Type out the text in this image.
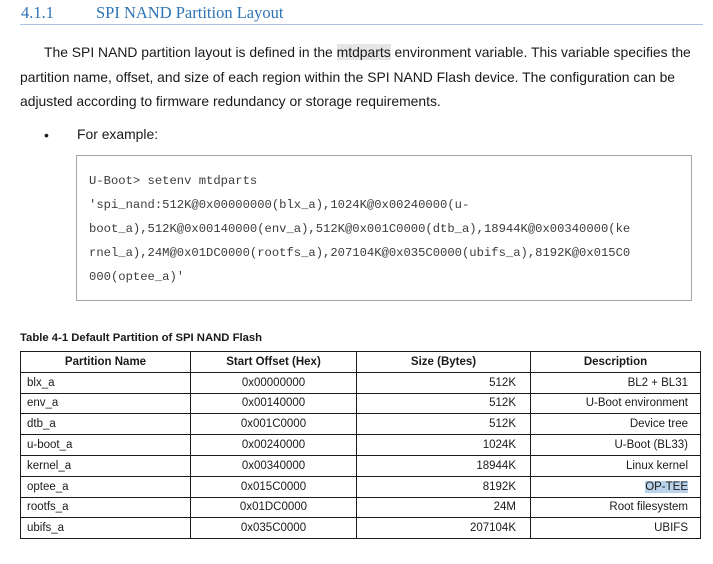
4.1.1	SPI NAND Partition Layout
The SPI NAND partition layout is defined in the mtdparts environment variable. This variable specifies the
partition name, offset, and size of each region within the SPI NAND Flash device. The configuration can be
adjusted according to firmware redundancy or storage requirements.
• For example:
U-Boot> setenv mtdparts
'spi_nand:512K@0x00000000(blx_a),1024K@0x00240000(u-
boot_a),512K@0x00140000(env_a),512K@0x001C0000(dtb_a),18944K@0x00340000(ke
rnel_a),24M@0x01DC0000(rootfs_a),207104K@0x035C0000(ubifs_a),8192K@0x015C0
000(optee_a)'
Table 4-1 Default Partition of SPI NAND Flash
Partition Name	Start Offset (Hex)	Size (Bytes)	Description
blx_a	0x00000000	512K	BL2 + BL31
env_a	0x00140000	512K	U-Boot environment
dtb_a	0x001C0000	512K	Device tree
u-boot_a	0x00240000	1024K	U-Boot (BL33)
kernel_a	0x00340000	18944K	Linux kernel
optee_a	0x015C0000	8192K	OP-TEE
rootfs_a	0x01DC0000	24M	Root filesystem
ubifs_a	0x035C0000	207104K	UBIFS
